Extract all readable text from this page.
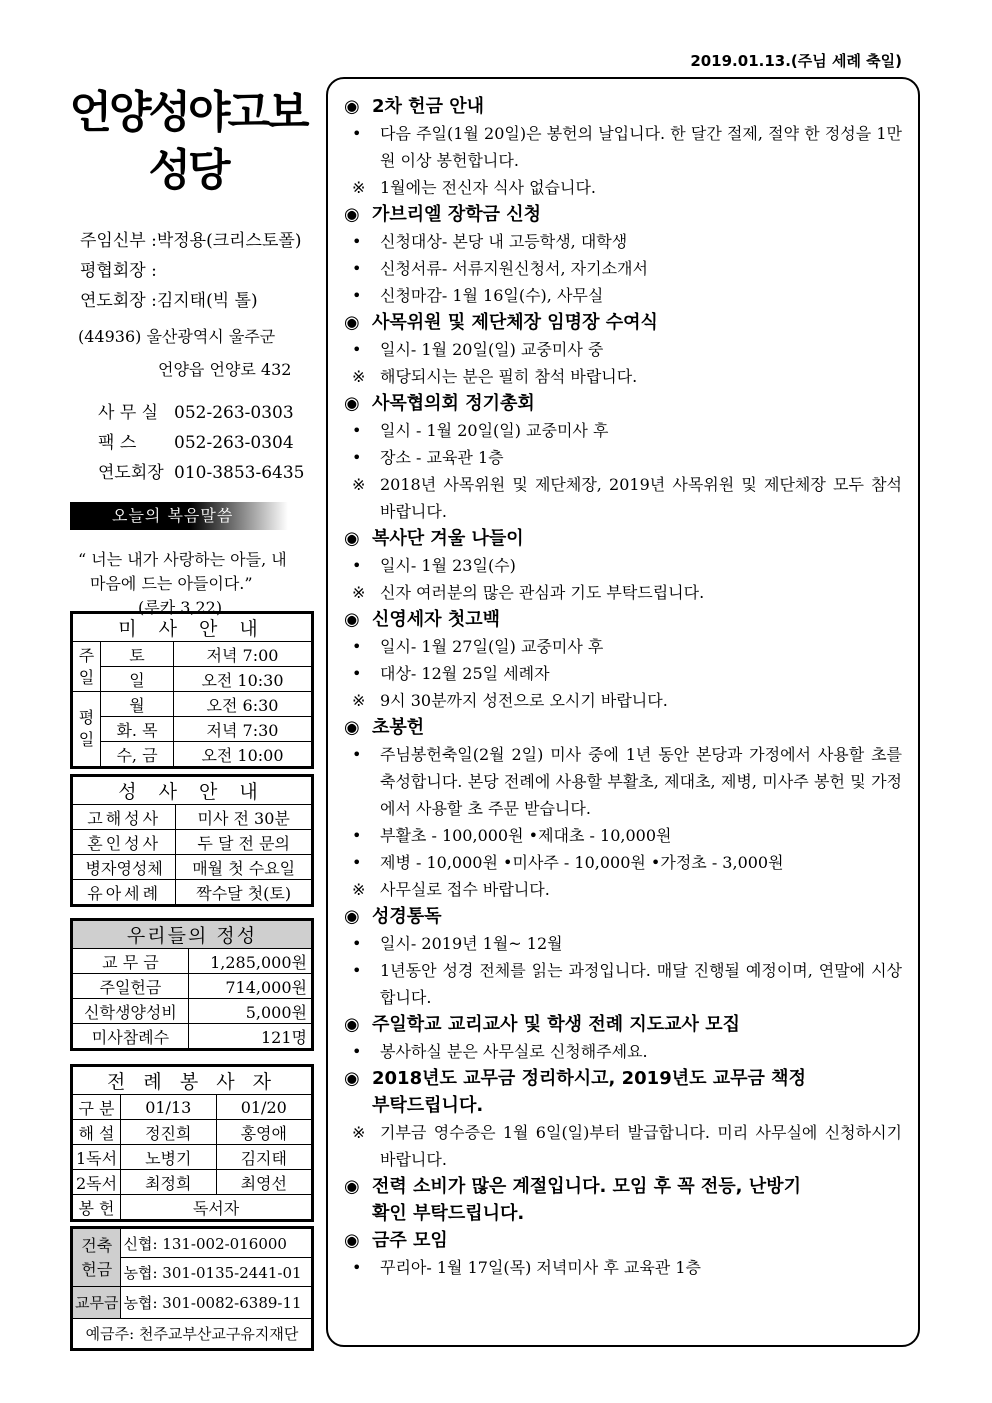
2019.01.13.(주님 세례 축일)
언양성야고보
성당
주임신부 :박정용(크리스토폴)
평협회장 :
연도회장 :김지태(빅 톨)
(44936) 울산광역시 울주군
언양읍 언양로 432
사 무 실 052-263-0303
팩 스 052-263-0304
연도회장 010-3853-6435
오늘의 복음말씀
“ 너는 내가 사랑하는 아들, 내
마음에 드는 아들이다.”
(루카 3,22)
미 사 안 내		
주일	토	저녁 7:00
	일	오전 10:30
평일	월	오전 6:30
	화. 목	저녁 7:30
	수, 금	오전 10:00
성 사 안 내	
고해성사	미사 전 30분
혼인성사	두 달 전 문의
병자영성체	매월 첫 수요일
유아세례	짝수달 첫(토)
우리들의 정성	
교 무 금	1,285,000원
주일헌금	714,000원
신학생양성비	5,000원
미사참례수	121명
전 례 봉 사 자		
구 분	01/13	01/20
해 설	정진희	홍영애
1독서	노병기	김지태
2독서	최정희	최영선
봉 헌	독서자	
건축헌금	신협: 131-002-016000
	농협: 301-0135-2441-01
교무금	농협: 301-0082-6389-11
예금주: 천주교부산교구유지재단	
◉ 2차 헌금 안내
• 다음 주일(1월 20일)은 봉헌의 날입니다. 한 달간 절제, 절약 한 정성을 1만원 이상 봉헌합니다.
※ 1월에는 전신자 식사 없습니다.
◉ 가브리엘 장학금 신청
• 신청대상- 본당 내 고등학생, 대학생
• 신청서류- 서류지원신청서, 자기소개서
• 신청마감- 1월 16일(수), 사무실
◉ 사목위원 및 제단체장 임명장 수여식
• 일시- 1월 20일(일) 교중미사 중
※ 해당되시는 분은 필히 참석 바랍니다.
◉ 사목협의회 정기총회
• 일시 - 1월 20일(일) 교중미사 후
• 장소 - 교육관 1층
※ 2018년 사목위원 및 제단체장, 2019년 사목위원 및 제단체장 모두 참석 바랍니다.
◉ 복사단 겨울 나들이
• 일시- 1월 23일(수)
※ 신자 여러분의 많은 관심과 기도 부탁드립니다.
◉ 신영세자 첫고백
• 일시- 1월 27일(일) 교중미사 후
• 대상- 12월 25일 세례자
※ 9시 30분까지 성전으로 오시기 바랍니다.
◉ 초봉헌
• 주님봉헌축일(2월 2일) 미사 중에 1년 동안 본당과 가정에서 사용할 초를 축성합니다. 본당 전례에 사용할 부활초, 제대초, 제병, 미사주 봉헌 및 가정에서 사용할 초 주문 받습니다.
• 부활초 - 100,000원 •제대초 - 10,000원
• 제병 - 10,000원 •미사주 - 10,000원 •가정초 - 3,000원
※ 사무실로 접수 바랍니다.
◉ 성경통독
• 일시- 2019년 1월~ 12월
• 1년동안 성경 전체를 읽는 과정입니다. 매달 진행될 예정이며, 연말에 시상합니다.
◉ 주일학교 교리교사 및 학생 전례 지도교사 모집
• 봉사하실 분은 사무실로 신청해주세요.
◉ 2018년도 교무금 정리하시고, 2019년도 교무금 책정
부탁드립니다.
※ 기부금 영수증은 1월 6일(일)부터 발급합니다. 미리 사무실에 신청하시기 바랍니다.
◉ 전력 소비가 많은 계절입니다. 모임 후 꼭 전등, 난방기
확인 부탁드립니다.
◉ 금주 모임
• 꾸리아- 1월 17일(목) 저녁미사 후 교육관 1층
